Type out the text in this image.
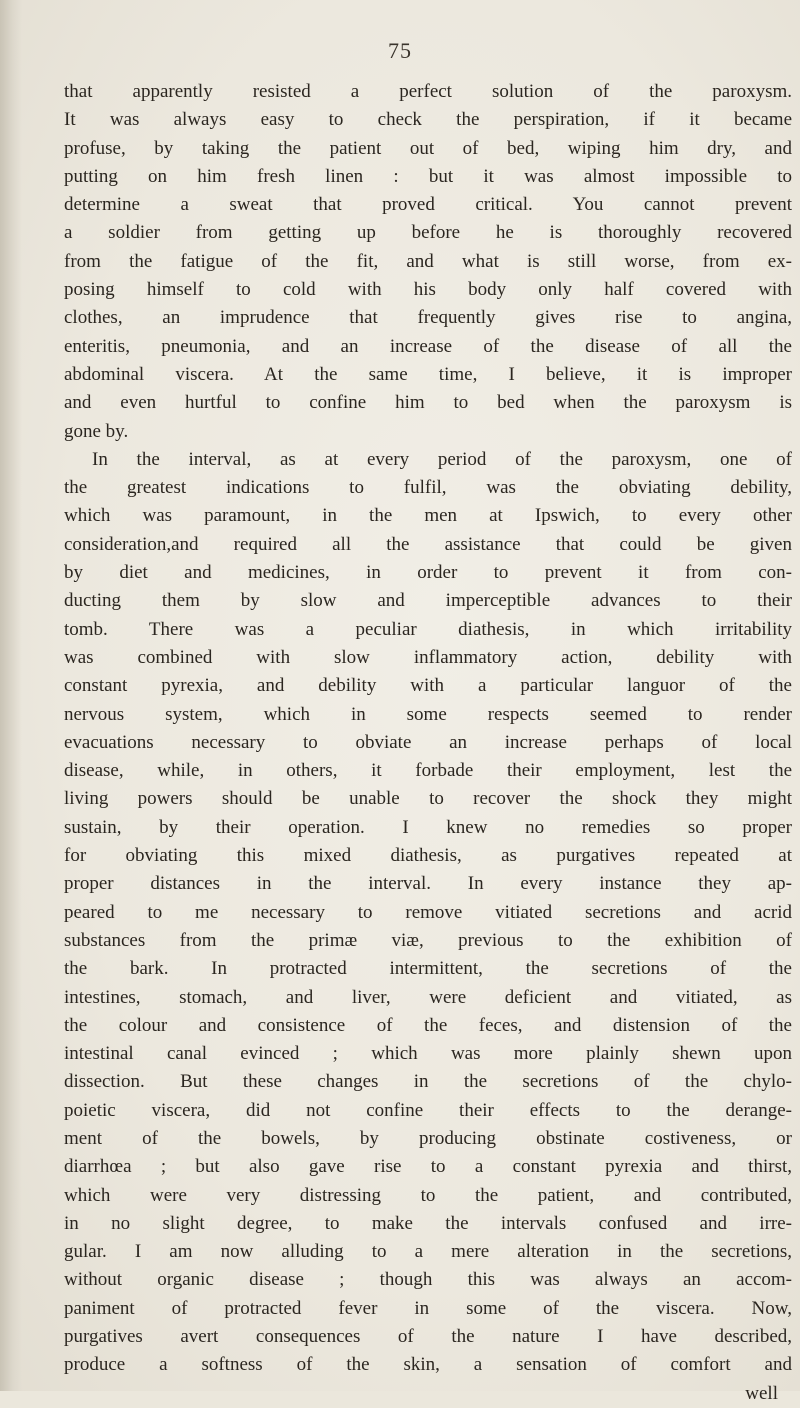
75
that apparently resisted a perfect solution of the paroxysm.
It was always easy to check the perspiration, if it became
profuse, by taking the patient out of bed, wiping him dry, and
putting on him fresh linen : but it was almost impossible to
determine a sweat that proved critical. You cannot prevent
a soldier from getting up before he is thoroughly recovered
from the fatigue of the fit, and what is still worse, from ex-
posing himself to cold with his body only half covered with
clothes, an imprudence that frequently gives rise to angina,
enteritis, pneumonia, and an increase of the disease of all the
abdominal viscera. At the same time, I believe, it is improper
and even hurtful to confine him to bed when the paroxysm is
gone by.
In the interval, as at every period of the paroxysm, one of
the greatest indications to fulfil, was the obviating debility,
which was paramount, in the men at Ipswich, to every other
consideration,and required all the assistance that could be given
by diet and medicines, in order to prevent it from con-
ducting them by slow and imperceptible advances to their
tomb. There was a peculiar diathesis, in which irritability
was combined with slow inflammatory action, debility with
constant pyrexia, and debility with a particular languor of the
nervous system, which in some respects seemed to render
evacuations necessary to obviate an increase perhaps of local
disease, while, in others, it forbade their employment, lest the
living powers should be unable to recover the shock they might
sustain, by their operation. I knew no remedies so proper
for obviating this mixed diathesis, as purgatives repeated at
proper distances in the interval. In every instance they ap-
peared to me necessary to remove vitiated secretions and acrid
substances from the primæ viæ, previous to the exhibition of
the bark. In protracted intermittent, the secretions of the
intestines, stomach, and liver, were deficient and vitiated, as
the colour and consistence of the feces, and distension of the
intestinal canal evinced ; which was more plainly shewn upon
dissection. But these changes in the secretions of the chylo-
poietic viscera, did not confine their effects to the derange-
ment of the bowels, by producing obstinate costiveness, or
diarrhœa ; but also gave rise to a constant pyrexia and thirst,
which were very distressing to the patient, and contributed,
in no slight degree, to make the intervals confused and irre-
gular. I am now alluding to a mere alteration in the secretions,
without organic disease ; though this was always an accom-
paniment of protracted fever in some of the viscera. Now,
purgatives avert consequences of the nature I have described,
produce a softness of the skin, a sensation of comfort and
well
